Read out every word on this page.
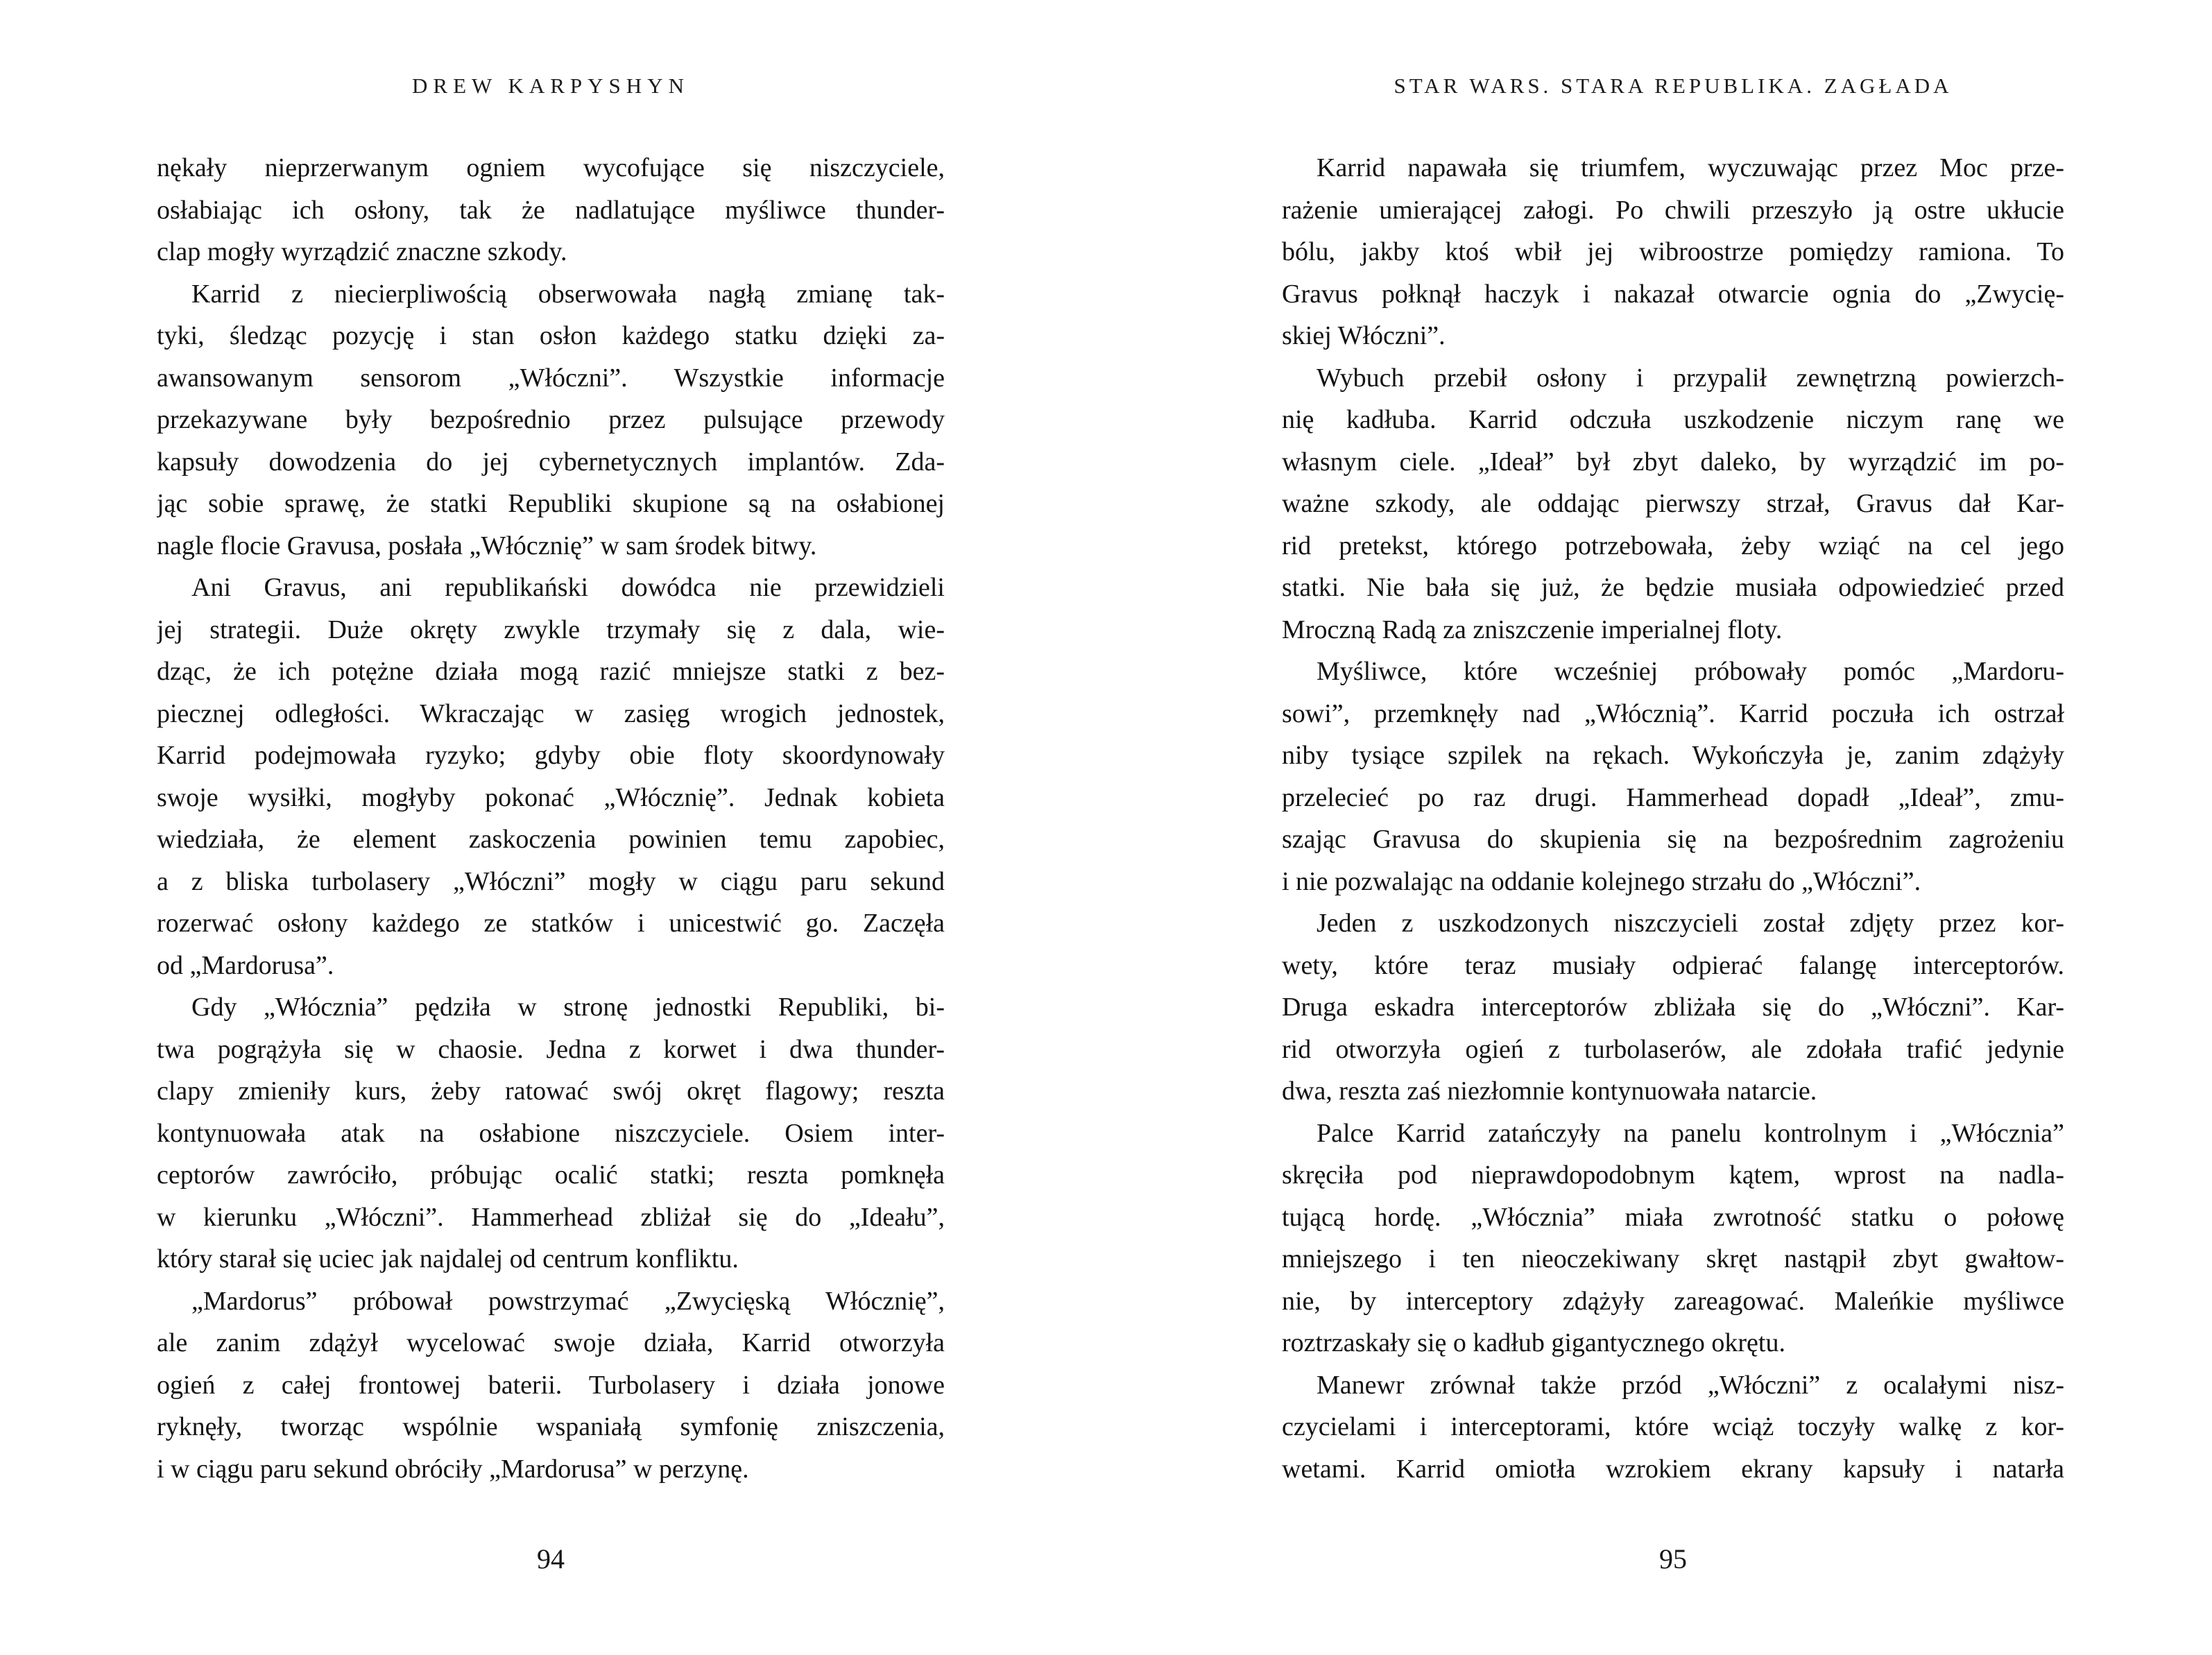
DREW KARPYSHYN
nękały nieprzerwanym ogniem wycofujące się niszczyciele,
osłabiając ich osłony, tak że nadlatujące myśliwce thunder-
clap mogły wyrządzić znaczne szkody.
Karrid z niecierpliwością obserwowała nagłą zmianę tak-
tyki, śledząc pozycję i stan osłon każdego statku dzięki za-
awansowanym sensorom „Włóczni”. Wszystkie informacje
przekazywane były bezpośrednio przez pulsujące przewody
kapsuły dowodzenia do jej cybernetycznych implantów. Zda-
jąc sobie sprawę, że statki Republiki skupione są na osłabionej
nagle flocie Gravusa, posłała „Włócznię” w sam środek bitwy.
Ani Gravus, ani republikański dowódca nie przewidzieli
jej strategii. Duże okręty zwykle trzymały się z dala, wie-
dząc, że ich potężne działa mogą razić mniejsze statki z bez-
piecznej odległości. Wkraczając w zasięg wrogich jednostek,
Karrid podejmowała ryzyko; gdyby obie floty skoordynowały
swoje wysiłki, mogłyby pokonać „Włócznię”. Jednak kobieta
wiedziała, że element zaskoczenia powinien temu zapobiec,
a z bliska turbolasery „Włóczni” mogły w ciągu paru sekund
rozerwać osłony każdego ze statków i unicestwić go. Zaczęła
od „Mardorusa”.
Gdy „Włócznia” pędziła w stronę jednostki Republiki, bi-
twa pogrążyła się w chaosie. Jedna z korwet i dwa thunder-
clapy zmieniły kurs, żeby ratować swój okręt flagowy; reszta
kontynuowała atak na osłabione niszczyciele. Osiem inter-
ceptorów zawróciło, próbując ocalić statki; reszta pomknęła
w kierunku „Włóczni”. Hammerhead zbliżał się do „Ideału”,
który starał się uciec jak najdalej od centrum konfliktu.
„Mardorus” próbował powstrzymać „Zwycięską Włócznię”,
ale zanim zdążył wycelować swoje działa, Karrid otworzyła
ogień z całej frontowej baterii. Turbolasery i działa jonowe
ryknęły, tworząc wspólnie wspaniałą symfonię zniszczenia,
i w ciągu paru sekund obróciły „Mardorusa” w perzynę.
94
STAR WARS. STARA REPUBLIKA. ZAGŁADA
Karrid napawała się triumfem, wyczuwając przez Moc prze-
rażenie umierającej załogi. Po chwili przeszyło ją ostre ukłucie
bólu, jakby ktoś wbił jej wibroostrze pomiędzy ramiona. To
Gravus połknął haczyk i nakazał otwarcie ognia do „Zwycię-
skiej Włóczni”.
Wybuch przebił osłony i przypalił zewnętrzną powierzch-
nię kadłuba. Karrid odczuła uszkodzenie niczym ranę we
własnym ciele. „Ideał” był zbyt daleko, by wyrządzić im po-
ważne szkody, ale oddając pierwszy strzał, Gravus dał Kar-
rid pretekst, którego potrzebowała, żeby wziąć na cel jego
statki. Nie bała się już, że będzie musiała odpowiedzieć przed
Mroczną Radą za zniszczenie imperialnej floty.
Myśliwce, które wcześniej próbowały pomóc „Mardoru-
sowi”, przemknęły nad „Włócznią”. Karrid poczuła ich ostrzał
niby tysiące szpilek na rękach. Wykończyła je, zanim zdążyły
przelecieć po raz drugi. Hammerhead dopadł „Ideał”, zmu-
szając Gravusa do skupienia się na bezpośrednim zagrożeniu
i nie pozwalając na oddanie kolejnego strzału do „Włóczni”.
Jeden z uszkodzonych niszczycieli został zdjęty przez kor-
wety, które teraz musiały odpierać falangę interceptorów.
Druga eskadra interceptorów zbliżała się do „Włóczni”. Kar-
rid otworzyła ogień z turbolaserów, ale zdołała trafić jedynie
dwa, reszta zaś niezłomnie kontynuowała natarcie.
Palce Karrid zatańczyły na panelu kontrolnym i „Włócznia”
skręciła pod nieprawdopodobnym kątem, wprost na nadla-
tującą hordę. „Włócznia” miała zwrotność statku o połowę
mniejszego i ten nieoczekiwany skręt nastąpił zbyt gwałtow-
nie, by interceptory zdążyły zareagować. Maleńkie myśliwce
roztrzaskały się o kadłub gigantycznego okrętu.
Manewr zrównał także przód „Włóczni” z ocalałymi nisz-
czycielami i interceptorami, które wciąż toczyły walkę z kor-
wetami. Karrid omiotła wzrokiem ekrany kapsuły i natarła
95
